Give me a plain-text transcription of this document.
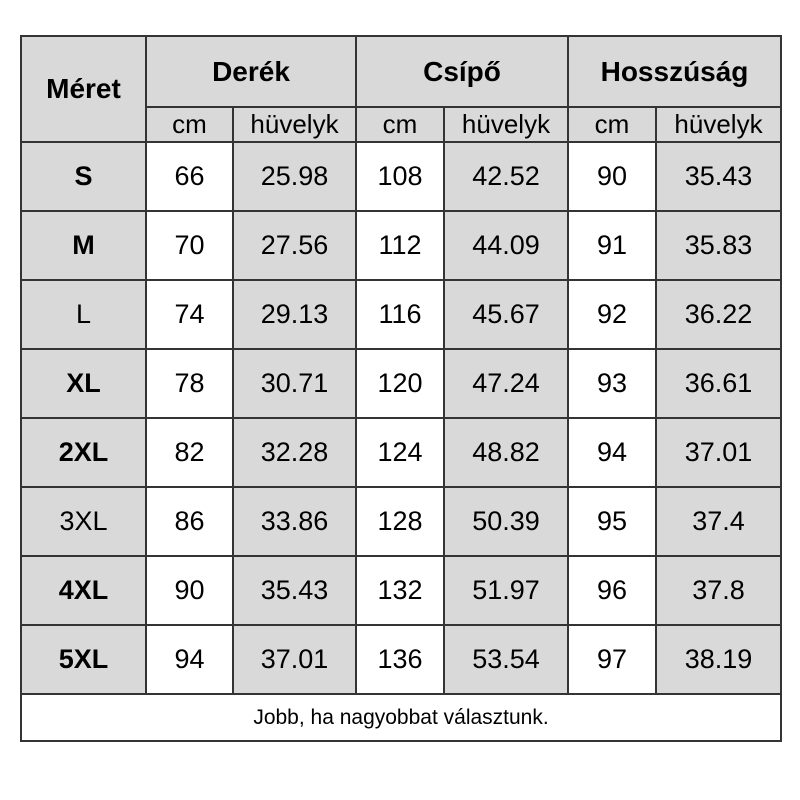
Méret	Derék		Csípő		Hosszúság	
	cm	hüvelyk	cm	hüvelyk	cm	hüvelyk
S	66	25.98	108	42.52	90	35.43
M	70	27.56	112	44.09	91	35.83
L	74	29.13	116	45.67	92	36.22
XL	78	30.71	120	47.24	93	36.61
2XL	82	32.28	124	48.82	94	37.01
3XL	86	33.86	128	50.39	95	37.4
4XL	90	35.43	132	51.97	96	37.8
5XL	94	37.01	136	53.54	97	38.19
Jobb, ha nagyobbat választunk.						
